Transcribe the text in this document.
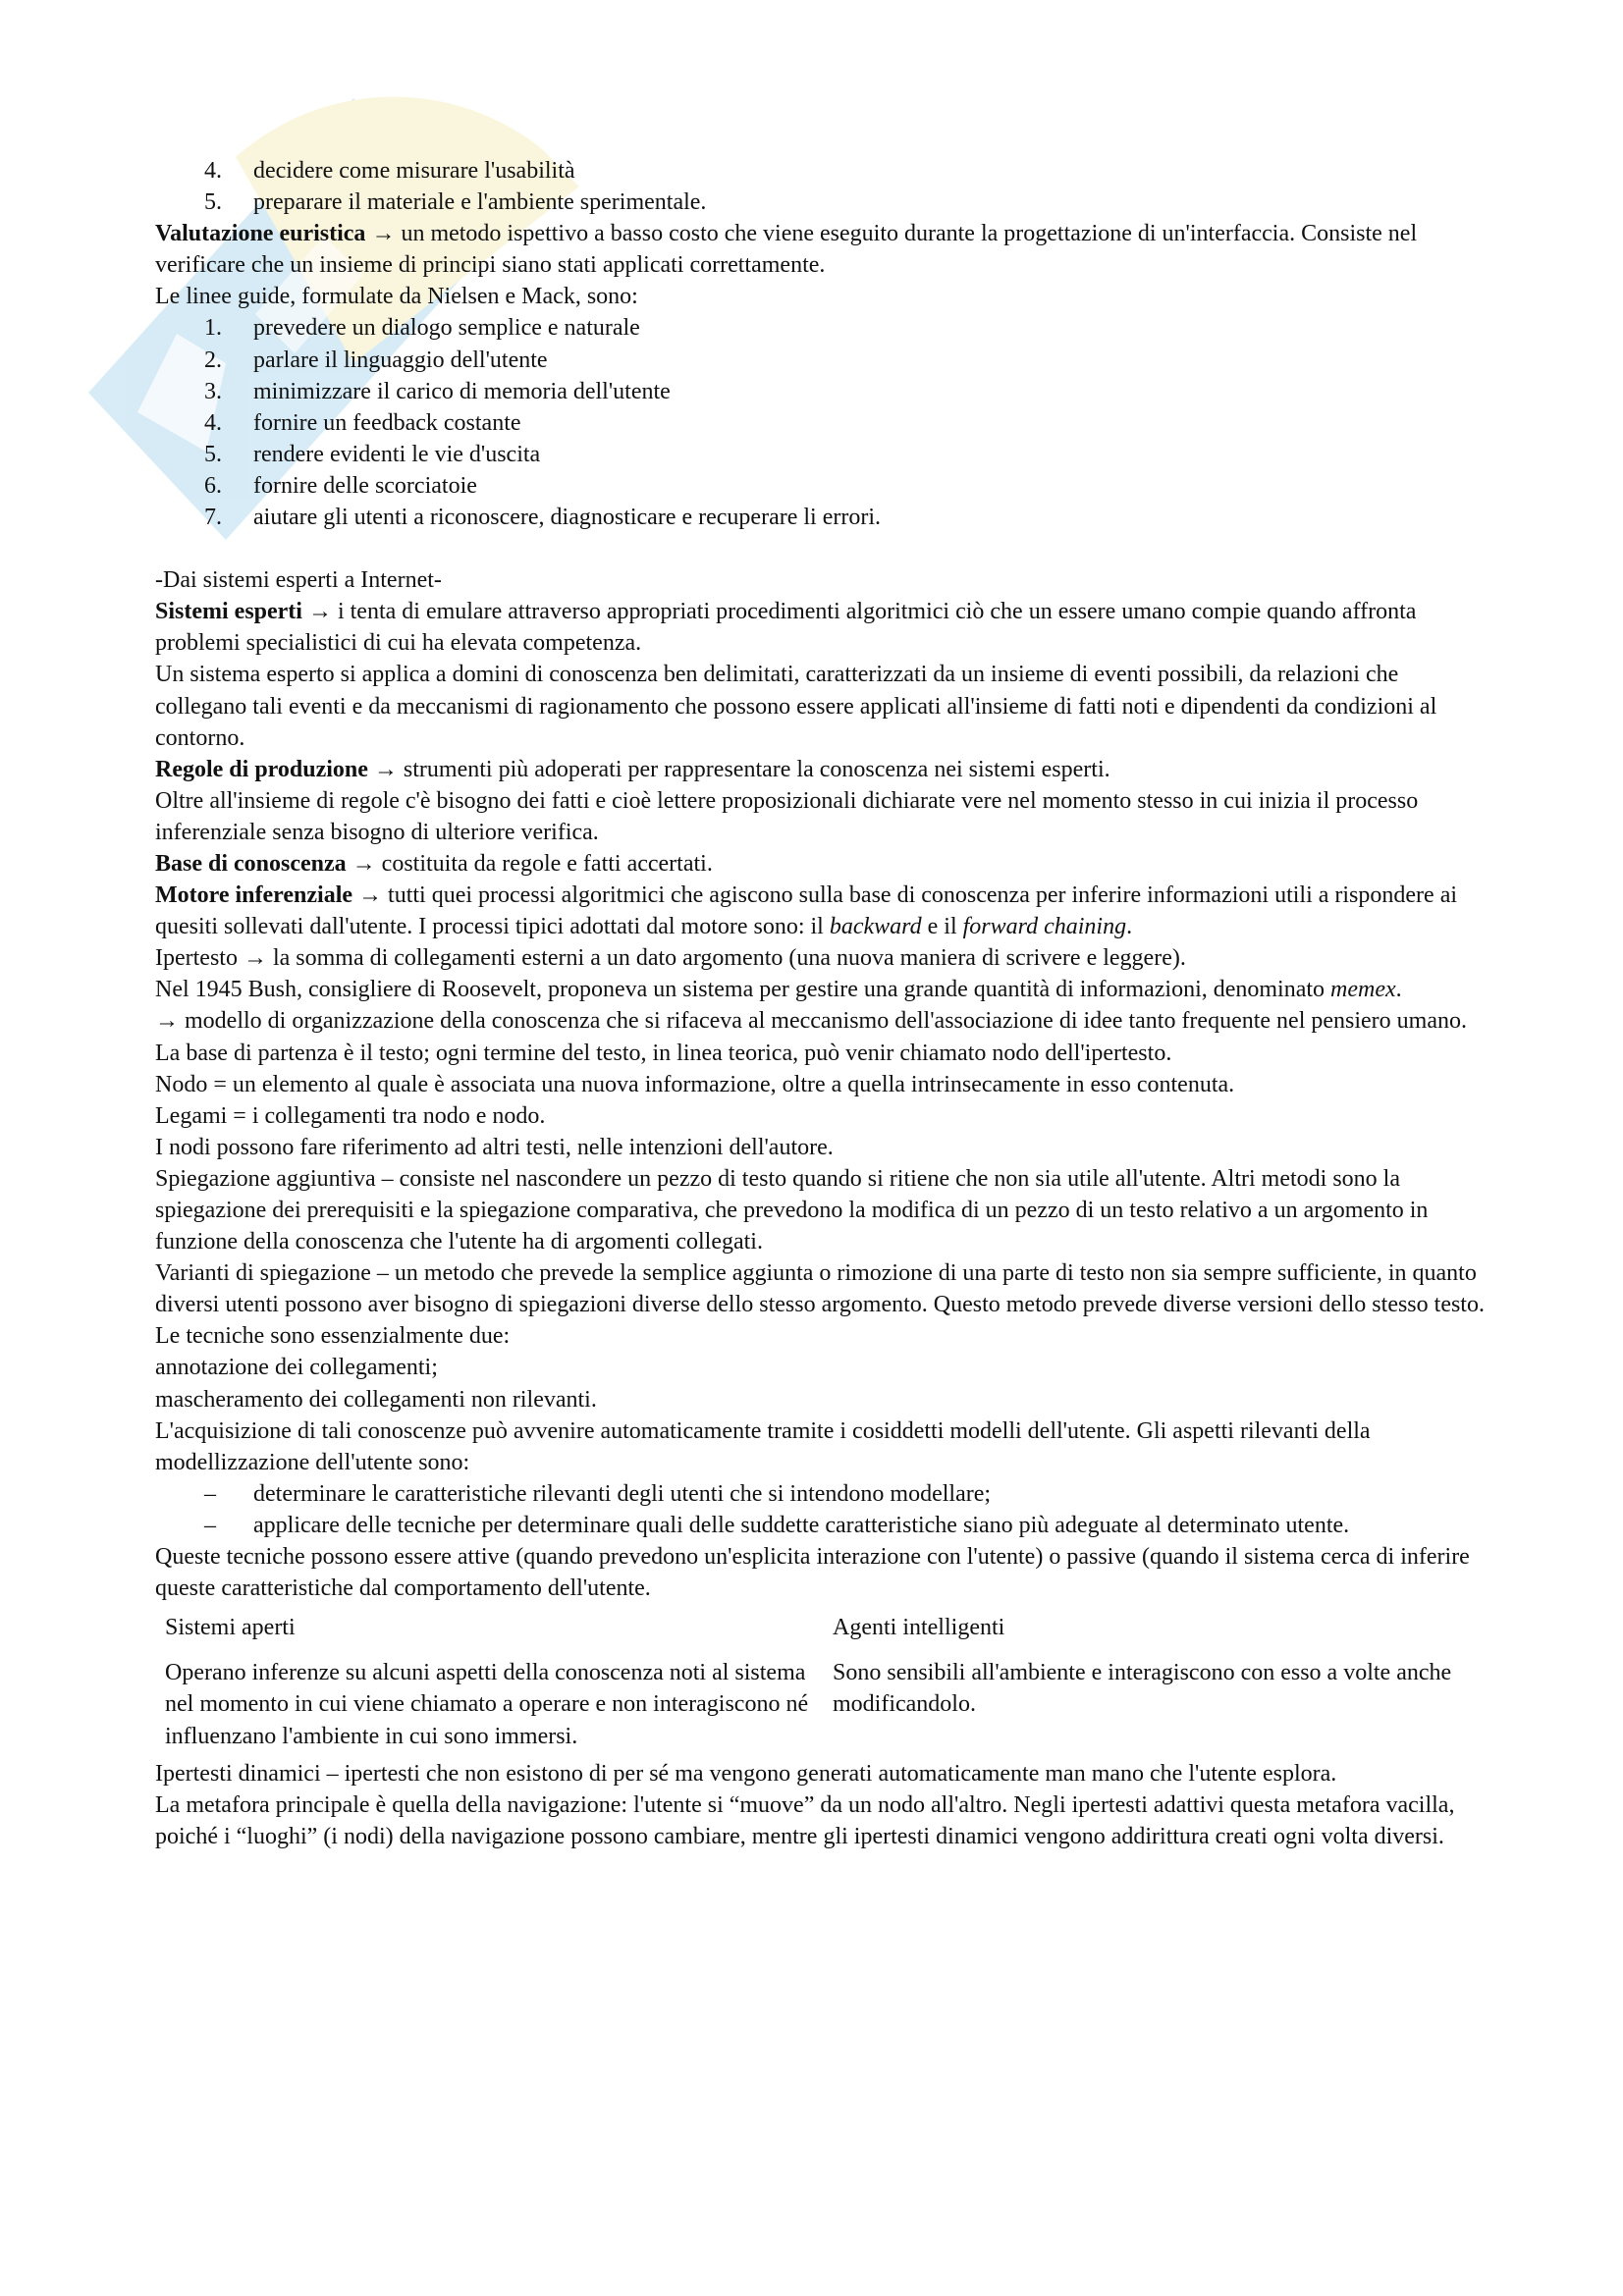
4.	decidere come misurare l'usabilità
5.	preparare il materiale e l'ambiente sperimentale.

Valutazione euristica → un metodo ispettivo a basso costo che viene eseguito durante la progettazione di un'interfaccia. Consiste nel verificare che un insieme di principi siano stati applicati correttamente.

Le linee guide, formulate da Nielsen e Mack, sono:

1.	prevedere un dialogo semplice e naturale
2.	parlare il linguaggio dell'utente
3.	minimizzare il carico di memoria dell'utente
4.	fornire un feedback costante
5.	rendere evidenti le vie d'uscita
6.	fornire delle scorciatoie
7.	aiutare gli utenti a riconoscere, diagnosticare e recuperare li errori.

-Dai sistemi esperti a Internet-

Sistemi esperti → i tenta di emulare attraverso appropriati procedimenti algoritmici ciò che un essere umano compie quando affronta problemi specialistici di cui ha elevata competenza.

Un sistema esperto si applica a domini di conoscenza ben delimitati, caratterizzati da un insieme di eventi possibili, da relazioni che collegano tali eventi e da meccanismi di ragionamento che possono essere applicati all'insieme di fatti noti e dipendenti da condizioni al contorno.

Regole di produzione → strumenti più adoperati per rappresentare la conoscenza nei sistemi esperti.

Oltre all'insieme di regole c'è bisogno dei fatti e cioè lettere proposizionali dichiarate vere nel momento stesso in cui inizia il processo inferenziale senza bisogno di ulteriore verifica.

Base di conoscenza → costituita da regole e fatti accertati.

Motore inferenziale → tutti quei processi algoritmici che agiscono sulla base di conoscenza per inferire informazioni utili a rispondere ai quesiti sollevati dall'utente. I processi tipici adottati dal motore sono: il backward e il forward chaining.

Ipertesto → la somma di collegamenti esterni a un dato argomento (una nuova maniera di scrivere e leggere).

Nel 1945 Bush, consigliere di Roosevelt, proponeva un sistema per gestire una grande quantità di informazioni, denominato memex.

→ modello di organizzazione della conoscenza che si rifaceva al meccanismo dell'associazione di idee tanto frequente nel pensiero umano.

La base di partenza è il testo; ogni termine del testo, in linea teorica, può venir chiamato nodo dell'ipertesto.

Nodo = un elemento al quale è associata una nuova informazione, oltre a quella intrinsecamente in esso contenuta.

Legami = i collegamenti tra nodo e nodo.

I nodi possono fare riferimento ad altri testi, nelle intenzioni dell'autore.

Spiegazione aggiuntiva – consiste nel nascondere un pezzo di testo quando si ritiene che non sia utile all'utente. Altri metodi sono la spiegazione dei prerequisiti e la spiegazione comparativa, che prevedono la modifica di un pezzo di un testo relativo a un argomento in funzione della conoscenza che l'utente ha di argomenti collegati.

Varianti di spiegazione – un metodo che prevede la semplice aggiunta o rimozione di una parte di testo non sia sempre sufficiente, in quanto diversi utenti possono aver bisogno di spiegazioni diverse dello stesso argomento. Questo metodo prevede diverse versioni dello stesso testo.

Le tecniche sono essenzialmente due:

annotazione dei collegamenti;

mascheramento dei collegamenti non rilevanti.

L'acquisizione di tali conoscenze può avvenire automaticamente tramite i cosiddetti modelli dell'utente. Gli aspetti rilevanti della modellizzazione dell'utente sono:

– determinare le caratteristiche rilevanti degli utenti che si intendono modellare;
– applicare delle tecniche per determinare quali delle suddette caratteristiche siano più adeguate al determinato utente.

Queste tecniche possono essere attive (quando prevedono un'esplicita interazione con l'utente) o passive (quando il sistema cerca di inferire queste caratteristiche dal comportamento dell'utente.

Sistemi aperti	Agenti intelligenti
Operano inferenze su alcuni aspetti della conoscenza noti al sistema nel momento in cui viene chiamato a operare e non interagiscono né influenzano l'ambiente in cui sono immersi.	Sono sensibili all'ambiente e interagiscono con esso a volte anche modificandolo.

Ipertesti dinamici – ipertesti che non esistono di per sé ma vengono generati automaticamente man mano che l'utente esplora.

La metafora principale è quella della navigazione: l'utente si “muove” da un nodo all'altro. Negli ipertesti adattivi questa metafora vacilla, poiché i “luoghi” (i nodi) della navigazione possono cambiare, mentre gli ipertesti dinamici vengono addirittura creati ogni volta diversi.
